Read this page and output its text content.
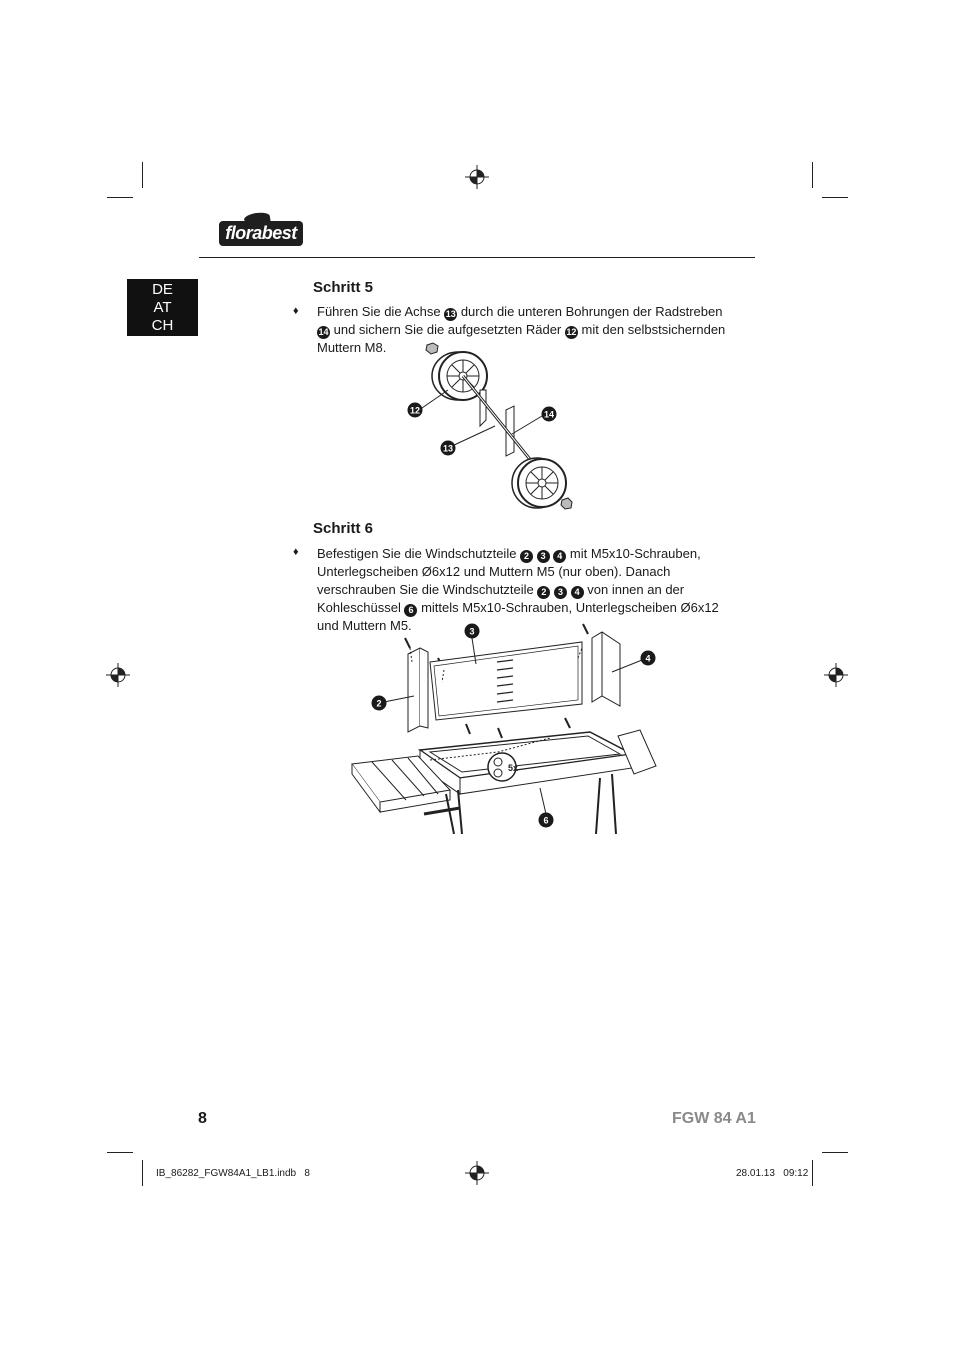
florabest
DE
AT
CH
Schritt 5
♦ Führen Sie die Achse 13 durch die unteren Bohrungen der Radstreben 14 und sichern Sie die aufgesetzten Räder 12 mit den selbstsichernden Muttern M8.
12	14
13
Schritt 6
♦ Befestigen Sie die Windschutzteile 2 3 4 mit M5x10-Schrauben, Unterlegscheiben Ø6x12 und Muttern M5 (nur oben). Danach verschrauben Sie die Windschutzteile 2 3 4 von innen an der Kohleschüssel 6 mittels M5x10-Schrauben, Unterlegscheiben Ø6x12 und Muttern M5.
5x
3
4
2
6
8	FGW 84 A1
IB_86282_FGW84A1_LB1.indb   8	28.01.13   09:12
